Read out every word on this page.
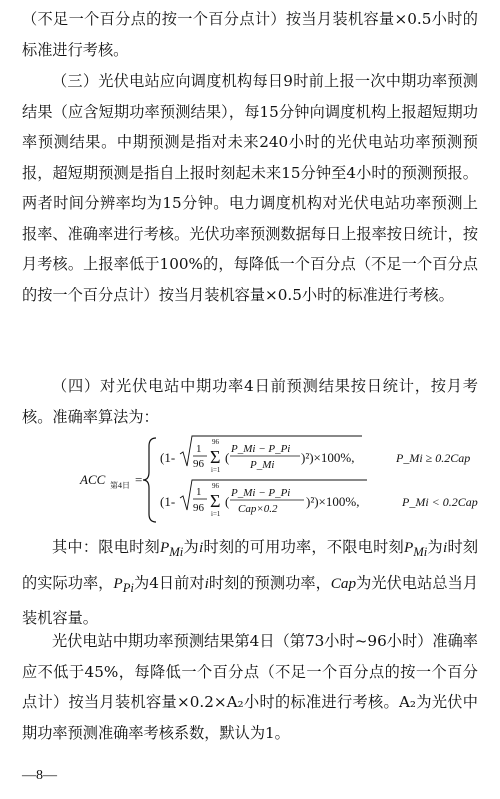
（不足一个百分点的按一个百分点计）按当月装机容量×0.5小时的标准进行考核。

（三）光伏电站应向调度机构每日9时前上报一次中期功率预测结果（应含短期功率预测结果），每15分钟向调度机构上报超短期功率预测结果。中期预测是指对未来240小时的光伏电站功率预测预报，超短期预测是指自上报时刻起未来15分钟至4小时的预测预报。两者时间分辨率均为15分钟。电力调度机构对光伏电站功率预测上报率、准确率进行考核。光伏功率预测数据每日上报率按日统计，按月考核。上报率低于100%的，每降低一个百分点（不足一个百分点的按一个百分点计）按当月装机容量×0.5小时的标准进行考核。

（四）对光伏电站中期功率4日前预测结果按日统计，按月考核。准确率算法为：

ACC 第4日 =
(1-
1
96
96
Σ
i=1
(
P_Mi − P_Pi
P_Mi )²)×100%,	P_Mi ≥ 0.2Cap
(1-
1
96
96
Σ
i=1
(
P_Mi − P_Pi
Cap×0.2 )²)×100%,	P_Mi < 0.2Cap

其中：限电时刻$P_{Mi}$为i时刻的可用功率，不限电时刻$P_{Mi}$为i时刻的实际功率，$P_{Pi}$为4日前对i时刻的预测功率，Cap为光伏电站总当月装机容量。

光伏电站中期功率预测结果第4日（第73小时~96小时）准确率应不低于45%，每降低一个百分点（不足一个百分点的按一个百分点计）按当月装机容量×0.2×A₂小时的标准进行考核。A₂为光伏中期功率预测准确率考核系数，默认为1。

—8—
